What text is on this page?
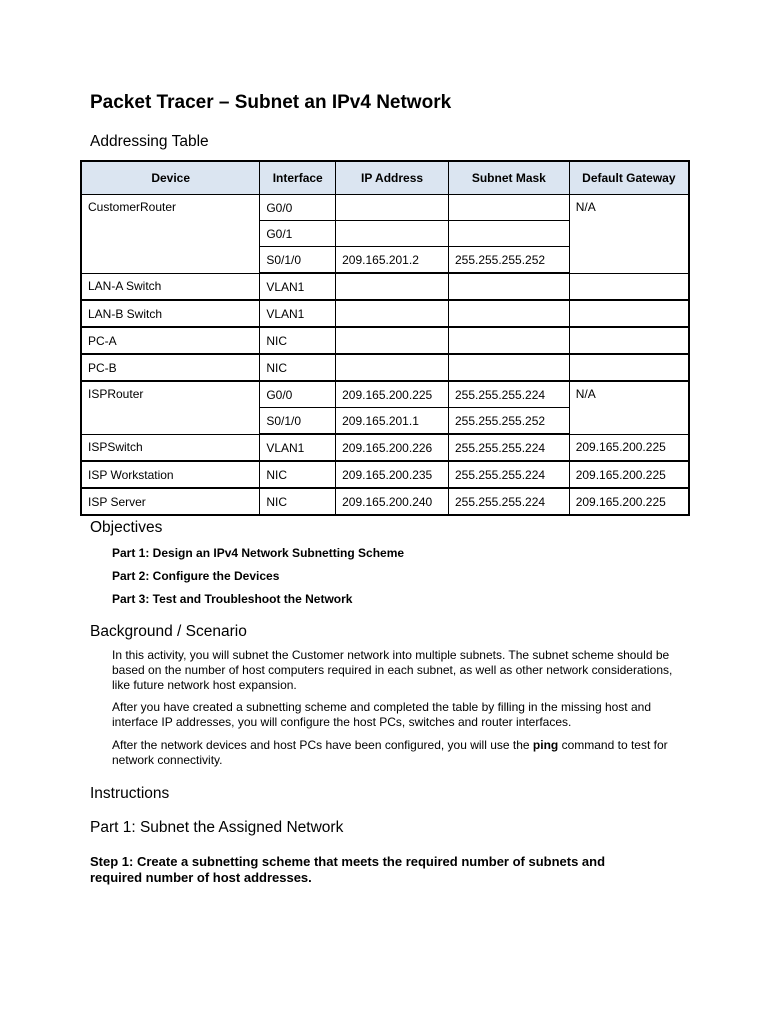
Packet Tracer – Subnet an IPv4 Network
Addressing Table
Device	Interface	IP Address	Subnet Mask	Default Gateway
CustomerRouter	G0/0			N/A
	G0/1			
	S0/1/0	209.165.201.2	255.255.255.252	
LAN-A Switch	VLAN1			
LAN-B Switch	VLAN1			
PC-A	NIC			
PC-B	NIC			
ISPRouter	G0/0	209.165.200.225	255.255.255.224	N/A
	S0/1/0	209.165.201.1	255.255.255.252	
ISPSwitch	VLAN1	209.165.200.226	255.255.255.224	209.165.200.225
ISP Workstation	NIC	209.165.200.235	255.255.255.224	209.165.200.225
ISP Server	NIC	209.165.200.240	255.255.255.224	209.165.200.225
Objectives
Part 1: Design an IPv4 Network Subnetting Scheme
Part 2: Configure the Devices
Part 3: Test and Troubleshoot the Network
Background / Scenario
In this activity, you will subnet the Customer network into multiple subnets. The subnet scheme should be based on the number of host computers required in each subnet, as well as other network considerations, like future network host expansion.
After you have created a subnetting scheme and completed the table by filling in the missing host and interface IP addresses, you will configure the host PCs, switches and router interfaces.
After the network devices and host PCs have been configured, you will use the ping command to test for network connectivity.
Instructions
Part 1: Subnet the Assigned Network
Step 1: Create a subnetting scheme that meets the required number of subnets and required number of host addresses.
